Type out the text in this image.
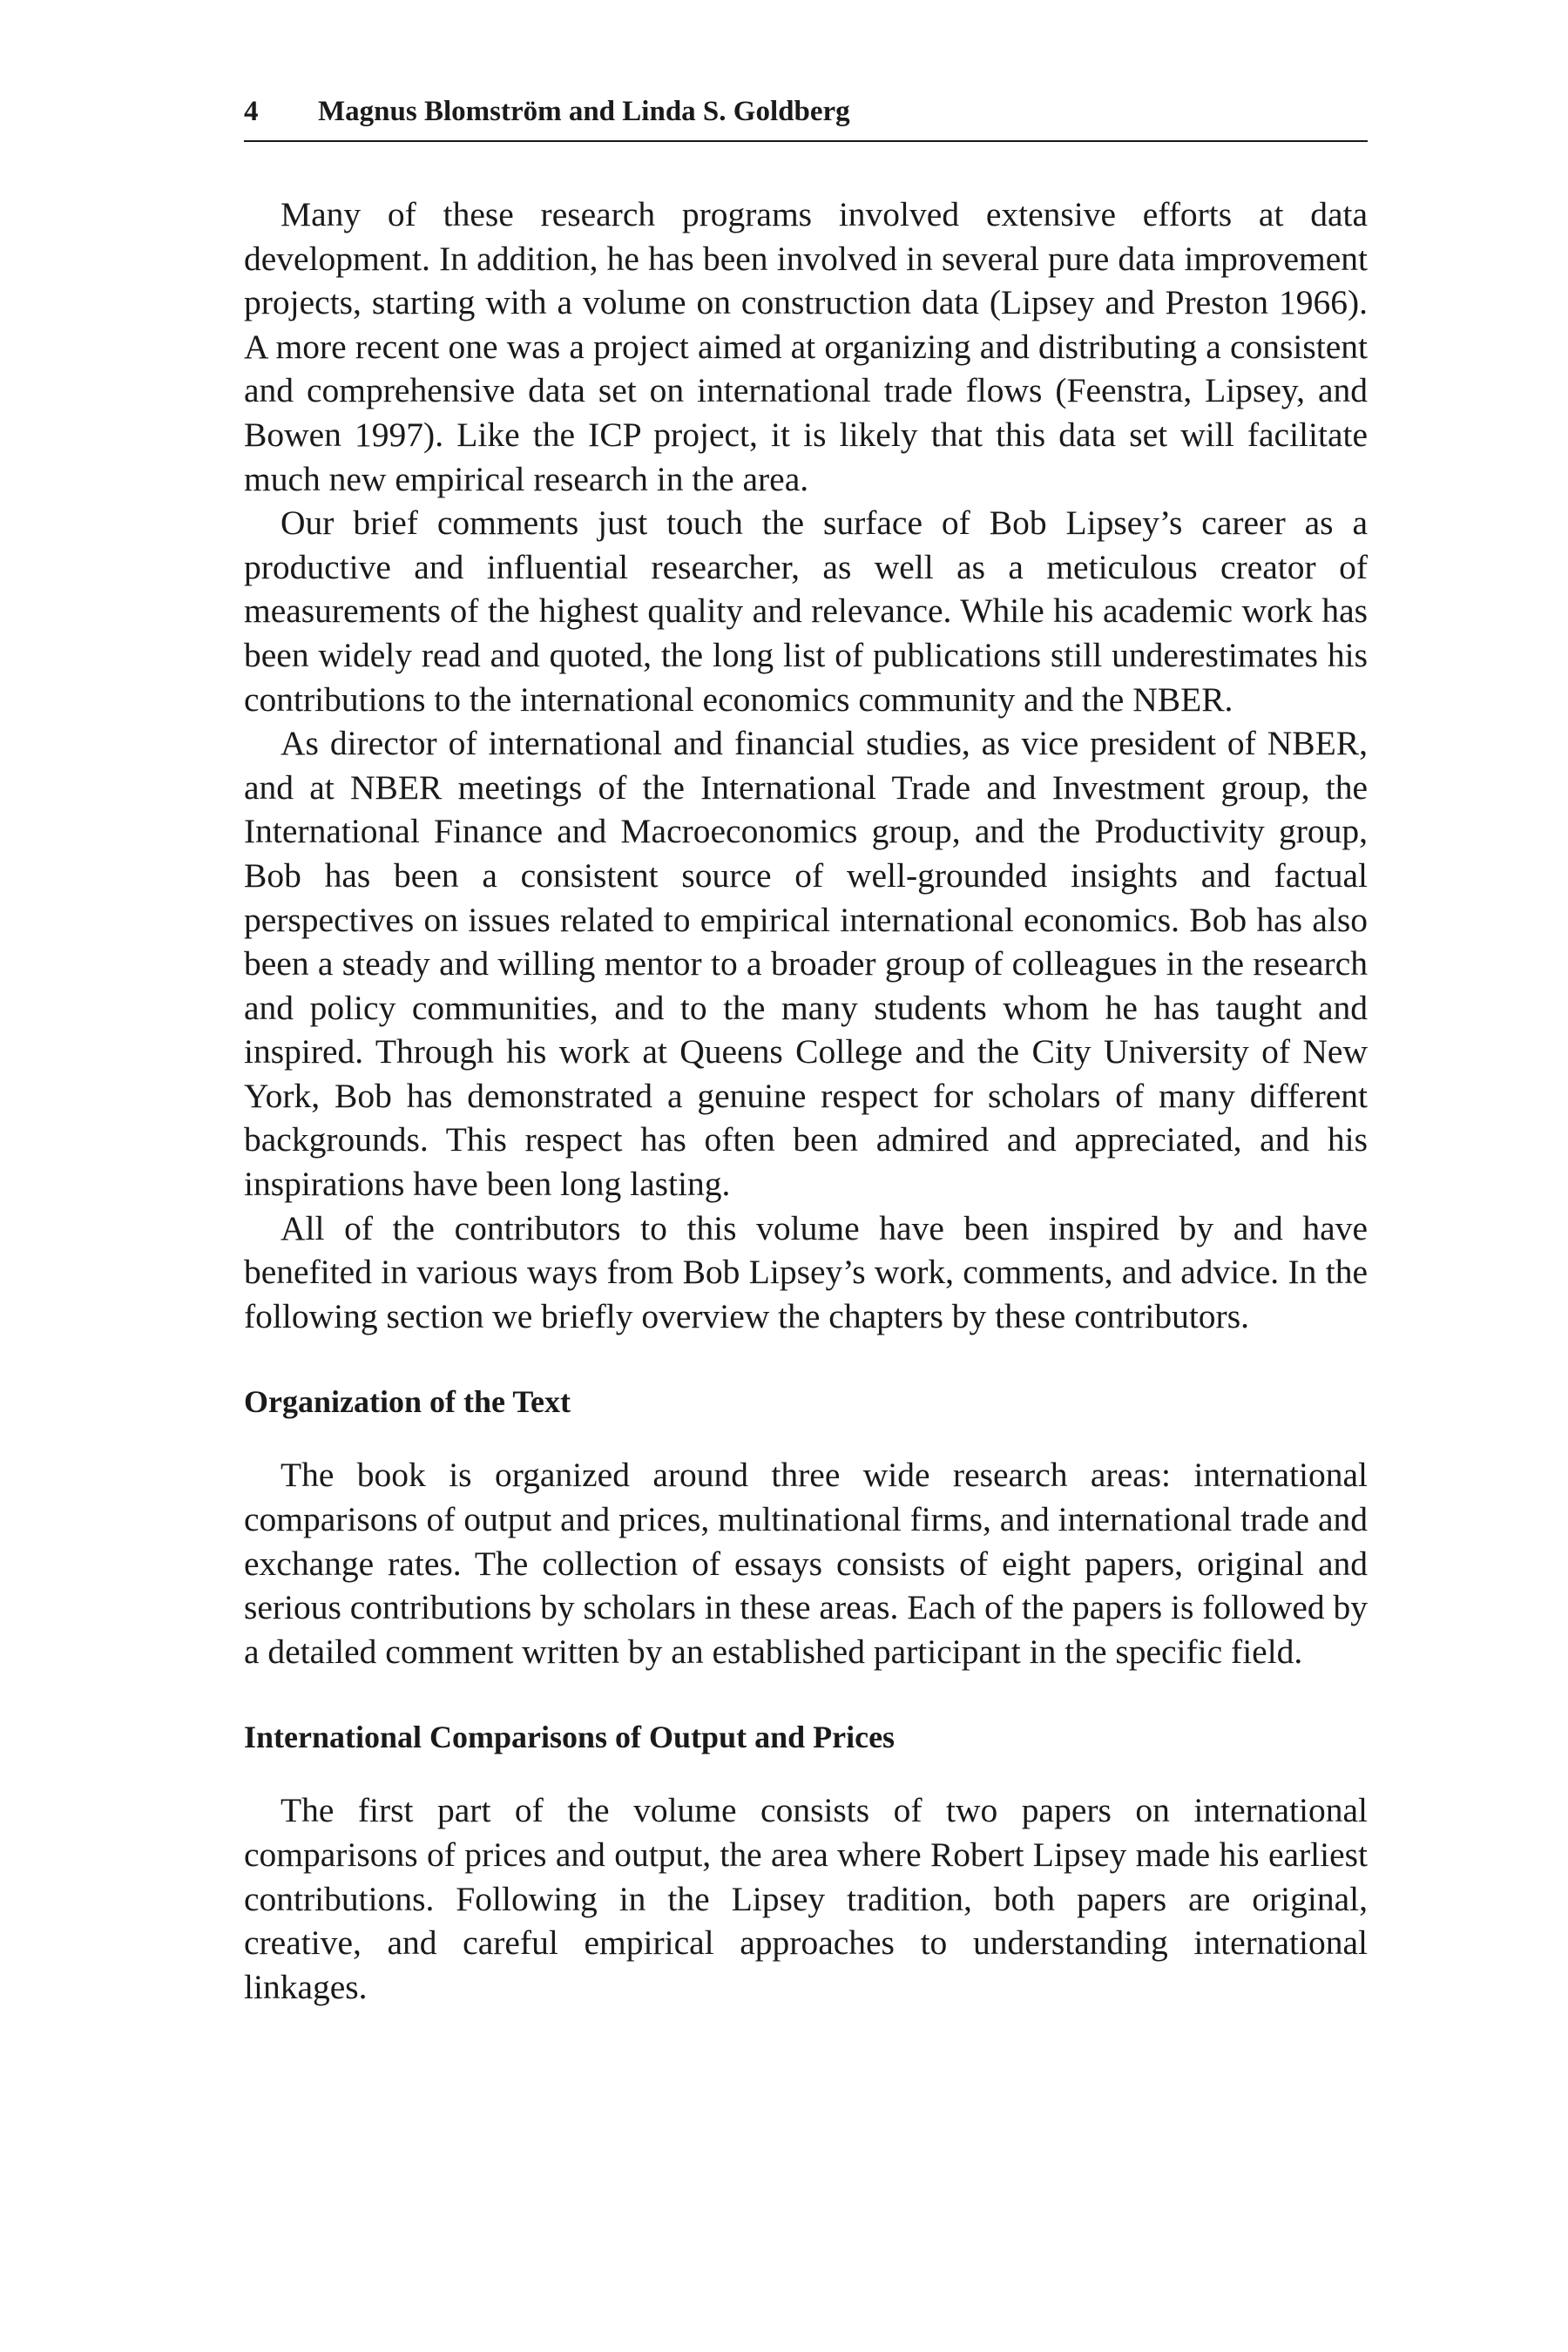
4	Magnus Blomström and Linda S. Goldberg

Many of these research programs involved extensive efforts at data development. In addition, he has been involved in several pure data improvement projects, starting with a volume on construction data (Lipsey and Preston 1966). A more recent one was a project aimed at organizing and distributing a consistent and comprehensive data set on international trade flows (Feenstra, Lipsey, and Bowen 1997). Like the ICP project, it is likely that this data set will facilitate much new empirical research in the area.

Our brief comments just touch the surface of Bob Lipsey’s career as a productive and influential researcher, as well as a meticulous creator of measurements of the highest quality and relevance. While his academic work has been widely read and quoted, the long list of publications still underestimates his contributions to the international economics community and the NBER.

As director of international and financial studies, as vice president of NBER, and at NBER meetings of the International Trade and Investment group, the International Finance and Macroeconomics group, and the Productivity group, Bob has been a consistent source of well-grounded insights and factual perspectives on issues related to empirical international economics. Bob has also been a steady and willing mentor to a broader group of colleagues in the research and policy communities, and to the many students whom he has taught and inspired. Through his work at Queens College and the City University of New York, Bob has demonstrated a genuine respect for scholars of many different backgrounds. This respect has often been admired and appreciated, and his inspirations have been long lasting.

All of the contributors to this volume have been inspired by and have benefited in various ways from Bob Lipsey’s work, comments, and advice. In the following section we briefly overview the chapters by these contributors.

Organization of the Text

The book is organized around three wide research areas: international comparisons of output and prices, multinational firms, and international trade and exchange rates. The collection of essays consists of eight papers, original and serious contributions by scholars in these areas. Each of the papers is followed by a detailed comment written by an established participant in the specific field.

International Comparisons of Output and Prices

The first part of the volume consists of two papers on international comparisons of prices and output, the area where Robert Lipsey made his earliest contributions. Following in the Lipsey tradition, both papers are original, creative, and careful empirical approaches to understanding international linkages.
